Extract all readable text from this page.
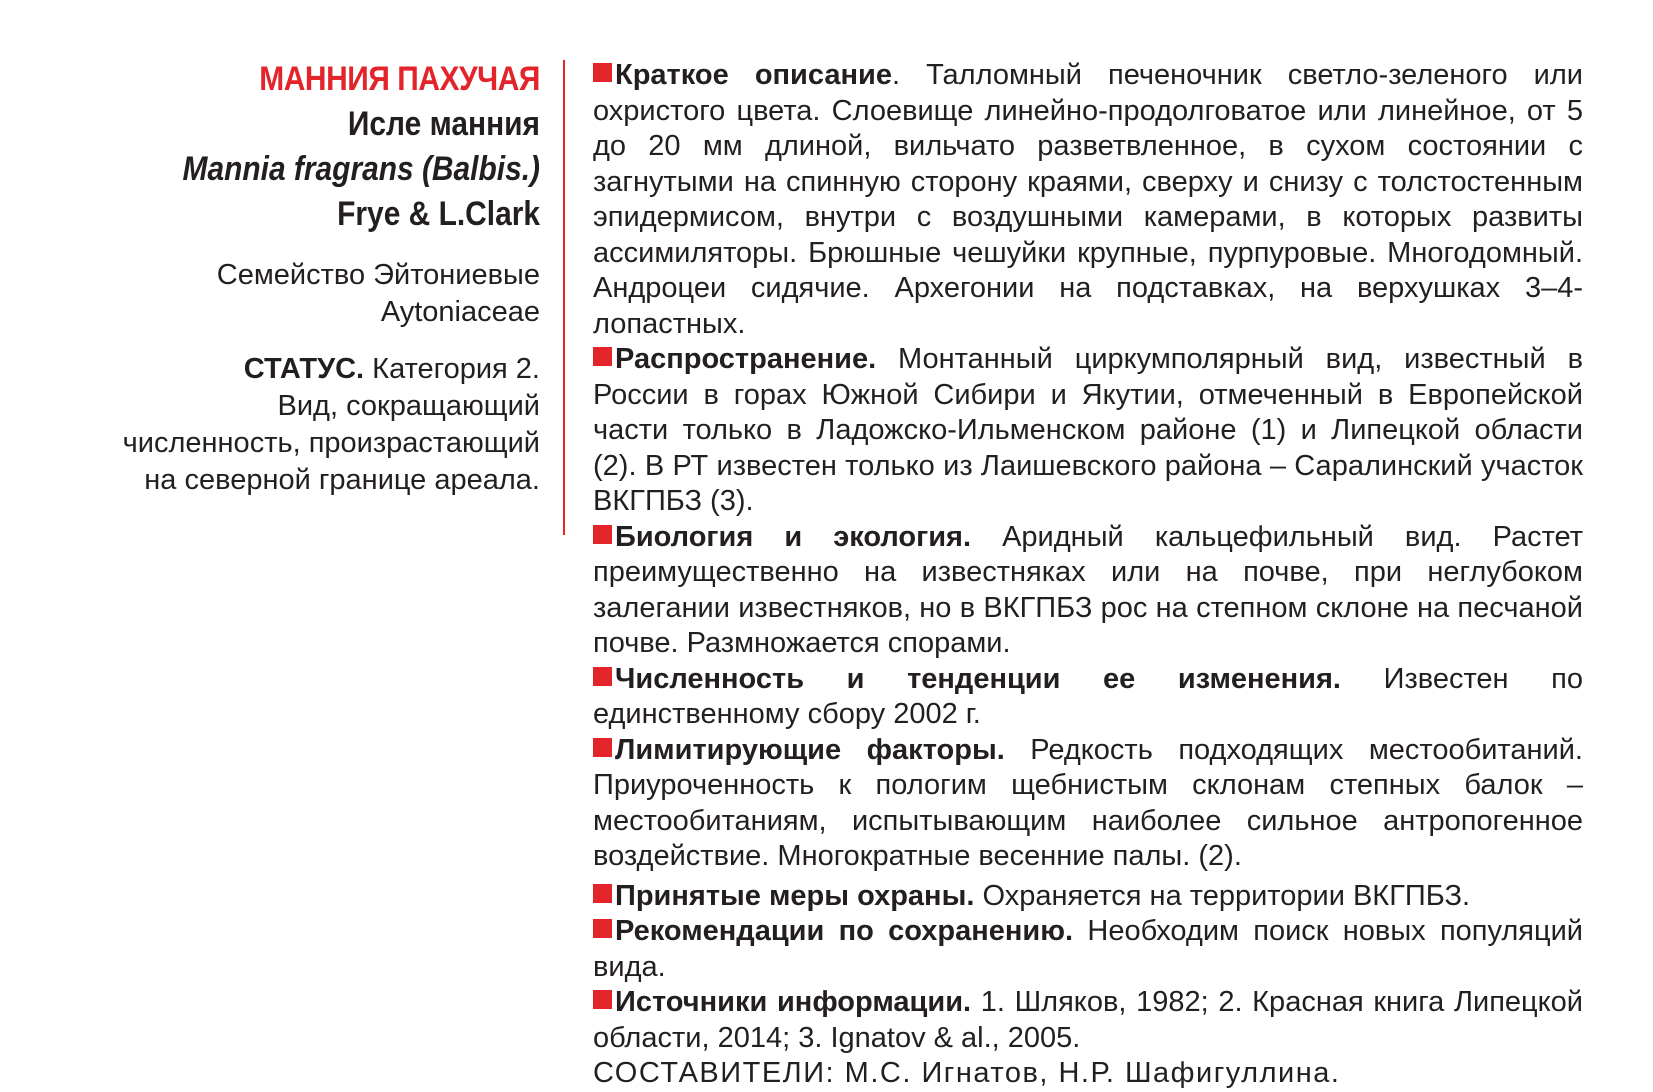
МАННИЯ ПАХУЧАЯ
Исле манния
Mannia fragrans (Balbis.)
Frye & L.Clark
Семейство Эйтониевые
Aytoniaceae
СТАТУС. Категория 2.
Вид, сокращающий
численность, произрастающий
на северной границе ареала.

Краткое описание. Талломный печеночник светло-зеленого или охристого цвета. Слоевище линейно-продолговатое или линейное, от 5 до 20 мм длиной, вильчато разветвленное, в сухом состоянии с загнутыми на спинную сторону краями, сверху и снизу с толстостенным эпидермисом, внутри с воздушными камерами, в которых развиты ассимиляторы. Брюшные чешуйки крупные, пурпуровые. Многодомный. Андроцеи сидячие. Архегонии на подставках, на верхушках 3–4-лопастных.

Распространение. Монтанный циркумполярный вид, известный в России в горах Южной Сибири и Якутии, отмеченный в Европейской части только в Ладожско-Ильменском районе (1) и Липецкой области (2). В РТ известен только из Лаишевского района – Саралинский участок ВКГПБЗ (3).

Биология и экология. Аридный кальцефильный вид. Растет преимущественно на известняках или на почве, при неглубоком залегании известняков, но в ВКГПБЗ рос на степном склоне на песчаной почве. Размножается спорами.

Численность и тенденции ее изменения. Известен по единственному сбору 2002 г.

Лимитирующие факторы. Редкость подходящих местообитаний. Приуроченность к пологим щебнистым склонам степных балок – местообитаниям, испытывающим наиболее сильное антропогенное воздействие. Многократные весенние палы. (2).

Принятые меры охраны. Охраняется на территории ВКГПБЗ.

Рекомендации по сохранению. Необходим поиск новых популяций вида.

Источники информации. 1. Шляков, 1982; 2. Красная книга Липецкой области, 2014; 3. Ignatov & al., 2005.

СОСТАВИТЕЛИ: М.С. Игнатов, Н.Р. Шафигуллина.
